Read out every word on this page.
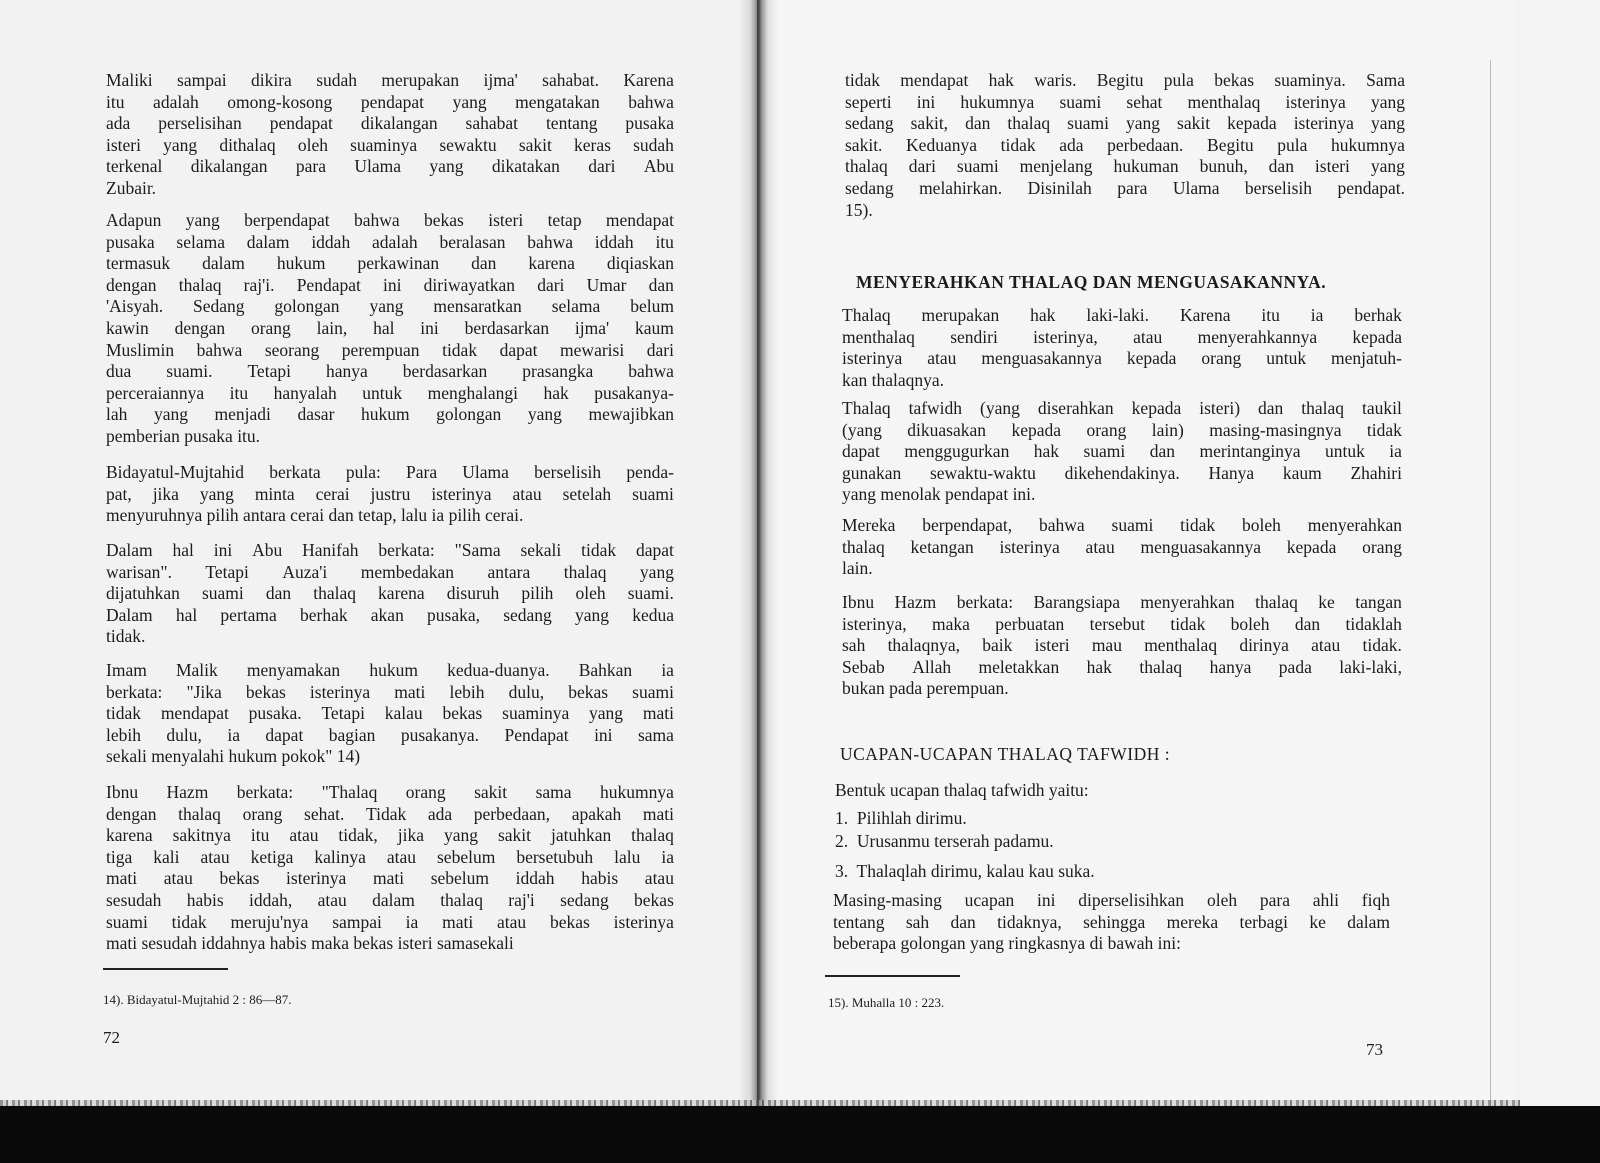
MENYERAHKAN THALAQ DAN MENGUASAKANNYA.
UCAPAN-UCAPAN THALAQ TAFWIDH :
Bentuk ucapan thalaq tafwidh yaitu:
1.  Pilihlah dirimu.
2.  Urusanmu terserah padamu.
3.  Thalaqlah dirimu, kalau kau suka.
14). Bidayatul-Mujtahid 2 : 86—87.
72
15). Muhalla 10 : 223.
73
Maliki sampai dikira sudah merupakan ijma' sahabat. Karena
itu adalah omong-kosong pendapat yang mengatakan bahwa
ada perselisihan pendapat dikalangan sahabat tentang pusaka
isteri yang dithalaq oleh suaminya sewaktu sakit keras sudah
terkenal dikalangan para Ulama yang dikatakan dari Abu
Zubair.
Adapun yang berpendapat bahwa bekas isteri tetap mendapat
pusaka selama dalam iddah adalah beralasan bahwa iddah itu
termasuk dalam hukum perkawinan dan karena diqiaskan
dengan thalaq raj'i. Pendapat ini diriwayatkan dari Umar dan
'Aisyah. Sedang golongan yang mensaratkan selama belum
kawin dengan orang lain, hal ini berdasarkan ijma' kaum
Muslimin bahwa seorang perempuan tidak dapat mewarisi dari
dua suami. Tetapi hanya berdasarkan prasangka bahwa
perceraiannya itu hanyalah untuk menghalangi hak pusakanya-
lah yang menjadi dasar hukum golongan yang mewajibkan
pemberian pusaka itu.
Bidayatul-Mujtahid berkata pula: Para Ulama berselisih penda-
pat, jika yang minta cerai justru isterinya atau setelah suami
menyuruhnya pilih antara cerai dan tetap, lalu ia pilih cerai.
Dalam hal ini Abu Hanifah berkata: "Sama sekali tidak dapat
warisan". Tetapi Auza'i membedakan antara thalaq yang
dijatuhkan suami dan thalaq karena disuruh pilih oleh suami.
Dalam hal pertama berhak akan pusaka, sedang yang kedua
tidak.
Imam Malik menyamakan hukum kedua-duanya. Bahkan ia
berkata: "Jika bekas isterinya mati lebih dulu, bekas suami
tidak mendapat pusaka. Tetapi kalau bekas suaminya yang mati
lebih dulu, ia dapat bagian pusakanya. Pendapat ini sama
sekali menyalahi hukum pokok" 14)
Ibnu Hazm berkata: "Thalaq orang sakit sama hukumnya
dengan thalaq orang sehat. Tidak ada perbedaan, apakah mati
karena sakitnya itu atau tidak, jika yang sakit jatuhkan thalaq
tiga kali atau ketiga kalinya atau sebelum bersetubuh lalu ia
mati atau bekas isterinya mati sebelum iddah habis atau
sesudah habis iddah, atau dalam thalaq raj'i sedang bekas
suami tidak meruju'nya sampai ia mati atau bekas isterinya
mati sesudah iddahnya habis maka bekas isteri samasekali
tidak mendapat hak waris. Begitu pula bekas suaminya. Sama
seperti ini hukumnya suami sehat menthalaq isterinya yang
sedang sakit, dan thalaq suami yang sakit kepada isterinya yang
sakit. Keduanya tidak ada perbedaan. Begitu pula hukumnya
thalaq dari suami menjelang hukuman bunuh, dan isteri yang
sedang melahirkan. Disinilah para Ulama berselisih pendapat.
15).
Thalaq merupakan hak laki-laki. Karena itu ia berhak
menthalaq sendiri isterinya, atau menyerahkannya kepada
isterinya atau menguasakannya kepada orang untuk menjatuh-
kan thalaqnya.
Thalaq tafwidh (yang diserahkan kepada isteri) dan thalaq taukil
(yang dikuasakan kepada orang lain) masing-masingnya tidak
dapat menggugurkan hak suami dan merintanginya untuk ia
gunakan sewaktu-waktu dikehendakinya. Hanya kaum Zhahiri
yang menolak pendapat ini.
Mereka berpendapat, bahwa suami tidak boleh menyerahkan
thalaq ketangan isterinya atau menguasakannya kepada orang
lain.
Ibnu Hazm berkata: Barangsiapa menyerahkan thalaq ke tangan
isterinya, maka perbuatan tersebut tidak boleh dan tidaklah
sah thalaqnya, baik isteri mau menthalaq dirinya atau tidak.
Sebab Allah meletakkan hak thalaq hanya pada laki-laki,
bukan pada perempuan.
Masing-masing ucapan ini diperselisihkan oleh para ahli fiqh
tentang sah dan tidaknya, sehingga mereka terbagi ke dalam
beberapa golongan yang ringkasnya di bawah ini:
